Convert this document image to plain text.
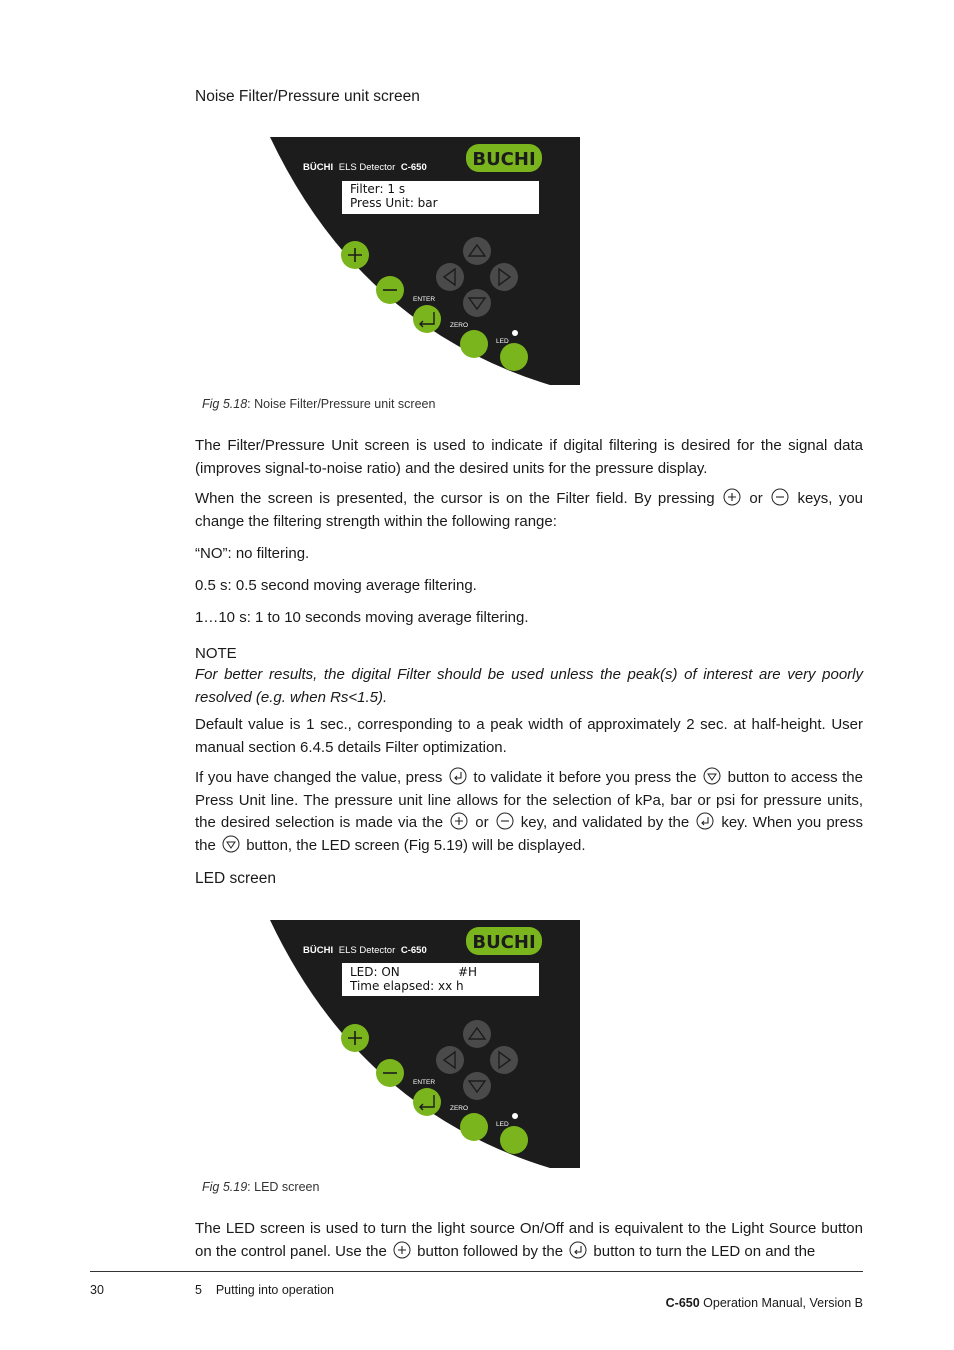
Noise Filter/Pressure unit screen
BÜCHI ELS Detector C-650	BUCHI
Filter: 1 s
Press Unit: bar
ENTER
ZERO
LED
Fig 5.18: Noise Filter/Pressure unit screen
The Filter/Pressure Unit screen is used to indicate if digital filtering is desired for the signal data (improves signal-to-noise ratio) and the desired units for the pressure display.
When the screen is presented, the cursor is on the Filter field. By pressing or keys, you change the filtering strength within the following range:
“NO”: no filtering.
0.5 s: 0.5 second moving average filtering.
1…10 s: 1 to 10 seconds moving average filtering.
NOTE
For better results, the digital Filter should be used unless the peak(s) of interest are very poorly resolved (e.g. when Rs<1.5).
Default value is 1 sec., corresponding to a peak width of approximately 2 sec. at half-height. User manual section 6.4.5 details Filter optimization.
If you have changed the value, press to validate it before you press the button to access the Press Unit line. The pressure unit line allows for the selection of kPa, bar or psi for pressure units, the desired selection is made via the or key, and validated by the key. When you press the button, the LED screen (Fig 5.19) will be displayed.
LED screen
BÜCHI ELS Detector C-650	BUCHI
LED: ON	#H
Time elapsed: xx h
ENTER
ZERO
LED
Fig 5.19: LED screen
The LED screen is used to turn the light source On/Off and is equivalent to the Light Source button on the control panel. Use the button followed by the button to turn the LED on and the
30	5    Putting into operation

C-650 Operation Manual, Version B
